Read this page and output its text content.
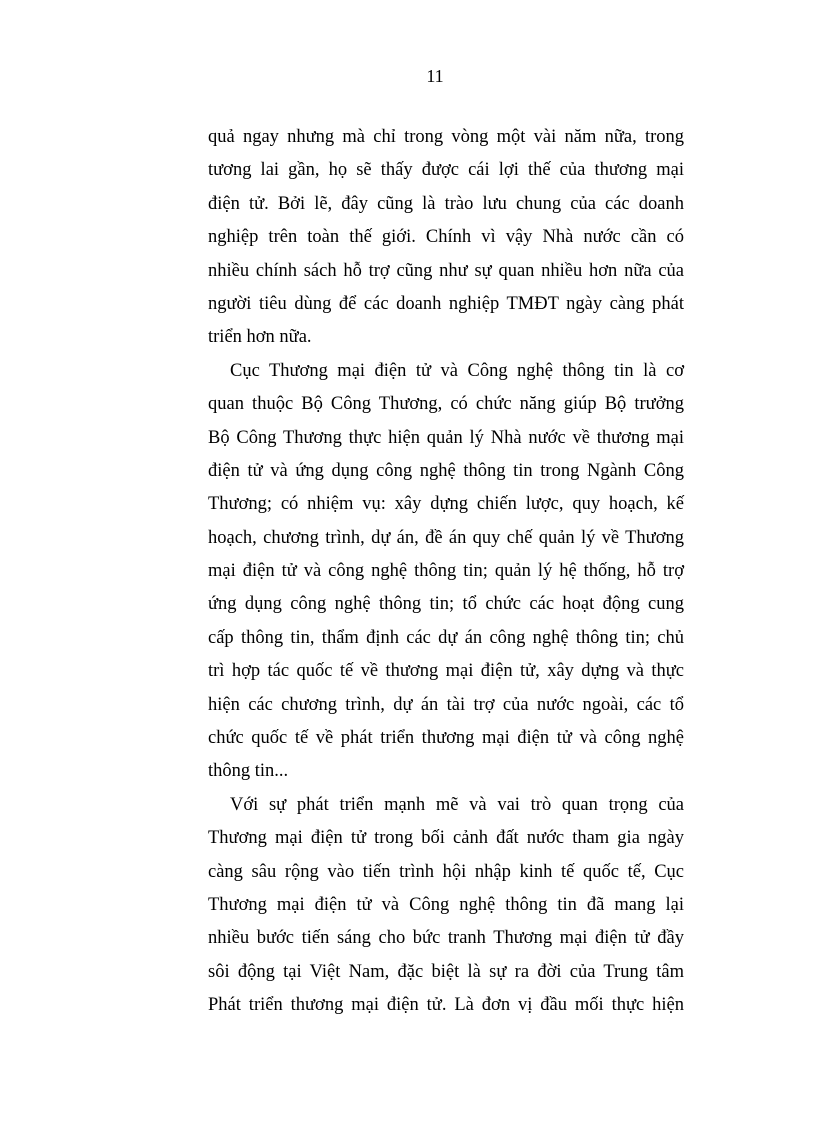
11
quả ngay nhưng mà chỉ trong vòng một vài năm nữa, trong
tương lai gần, họ sẽ thấy được cái lợi thế của thương mại
điện tử. Bởi lẽ, đây cũng là trào lưu chung của các doanh
nghiệp trên toàn thế giới. Chính vì vậy Nhà nước cần có
nhiều chính sách hỗ trợ cũng như sự quan nhiều hơn nữa của
người tiêu dùng để các doanh nghiệp TMĐT ngày càng phát
triển hơn nữa.
Cục Thương mại điện tử và Công nghệ thông tin là cơ
quan thuộc Bộ Công Thương, có chức năng giúp Bộ trưởng
Bộ Công Thương thực hiện quản lý Nhà nước về thương mại
điện tử và ứng dụng công nghệ thông tin trong Ngành Công
Thương; có nhiệm vụ: xây dựng chiến lược, quy hoạch, kế
hoạch, chương trình, dự án, đề án quy chế quản lý về Thương
mại điện tử và công nghệ thông tin; quản lý hệ thống, hỗ trợ
ứng dụng công nghệ thông tin; tổ chức các hoạt động cung
cấp thông tin, thẩm định các dự án công nghệ thông tin; chủ
trì hợp tác quốc tế về thương mại điện tử, xây dựng và thực
hiện các chương trình, dự án tài trợ của nước ngoài, các tổ
chức quốc tế về phát triển thương mại điện tử và công nghệ
thông tin...
Với sự phát triển mạnh mẽ và vai trò quan trọng của
Thương mại điện tử trong bối cảnh đất nước tham gia ngày
càng sâu rộng vào tiến trình hội nhập kinh tế quốc tế, Cục
Thương mại điện tử và Công nghệ thông tin đã mang lại
nhiều bước tiến sáng cho bức tranh Thương mại điện tử đầy
sôi động tại Việt Nam, đặc biệt là sự ra đời của Trung tâm
Phát triển thương mại điện tử. Là đơn vị đầu mối thực hiện
